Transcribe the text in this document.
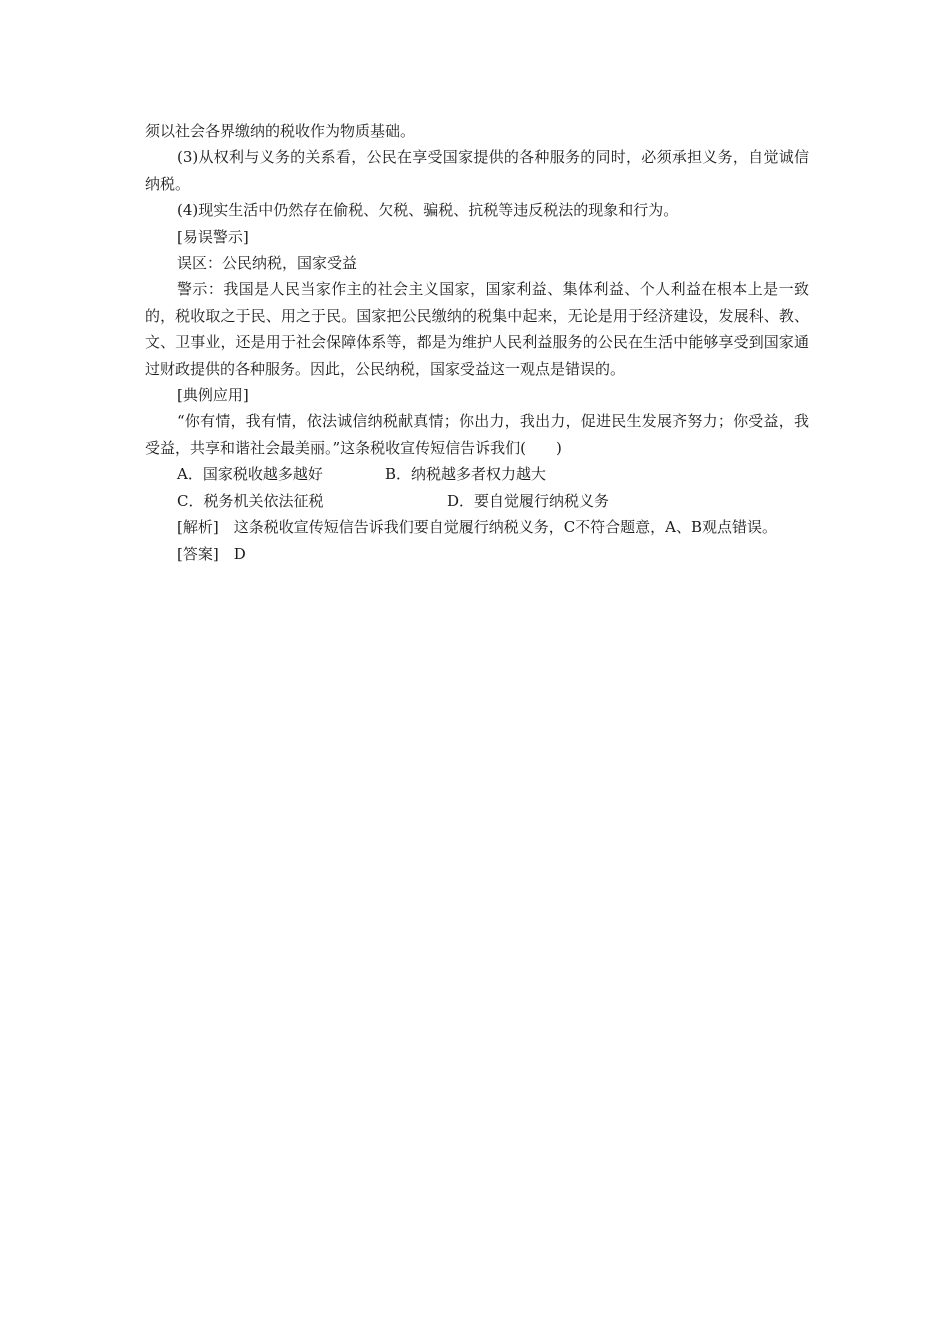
须以社会各界缴纳的税收作为物质基础。

(3)从权利与义务的关系看，公民在享受国家提供的各种服务的同时，必须承担义务，自觉诚信纳税。

(4)现实生活中仍然存在偷税、欠税、骗税、抗税等违反税法的现象和行为。

[易误警示]

误区：公民纳税，国家受益

警示：我国是人民当家作主的社会主义国家，国家利益、集体利益、个人利益在根本上是一致的，税收取之于民、用之于民。国家把公民缴纳的税集中起来，无论是用于经济建设，发展科、教、文、卫事业，还是用于社会保障体系等，都是为维护人民利益服务的公民在生活中能够享受到国家通过财政提供的各种服务。因此，公民纳税，国家受益这一观点是错误的。

[典例应用]

“你有情，我有情，依法诚信纳税献真情；你出力，我出力，促进民生发展齐努力；你受益，我受益，共享和谐社会最美丽。”这条税收宣传短信告诉我们(　　)

A．国家税收越多越好	B．纳税越多者权力越大
C．税务机关依法征税	D．要自觉履行纳税义务

[解析]　这条税收宣传短信告诉我们要自觉履行纳税义务，C不符合题意，A、B观点错误。

[答案]　D
